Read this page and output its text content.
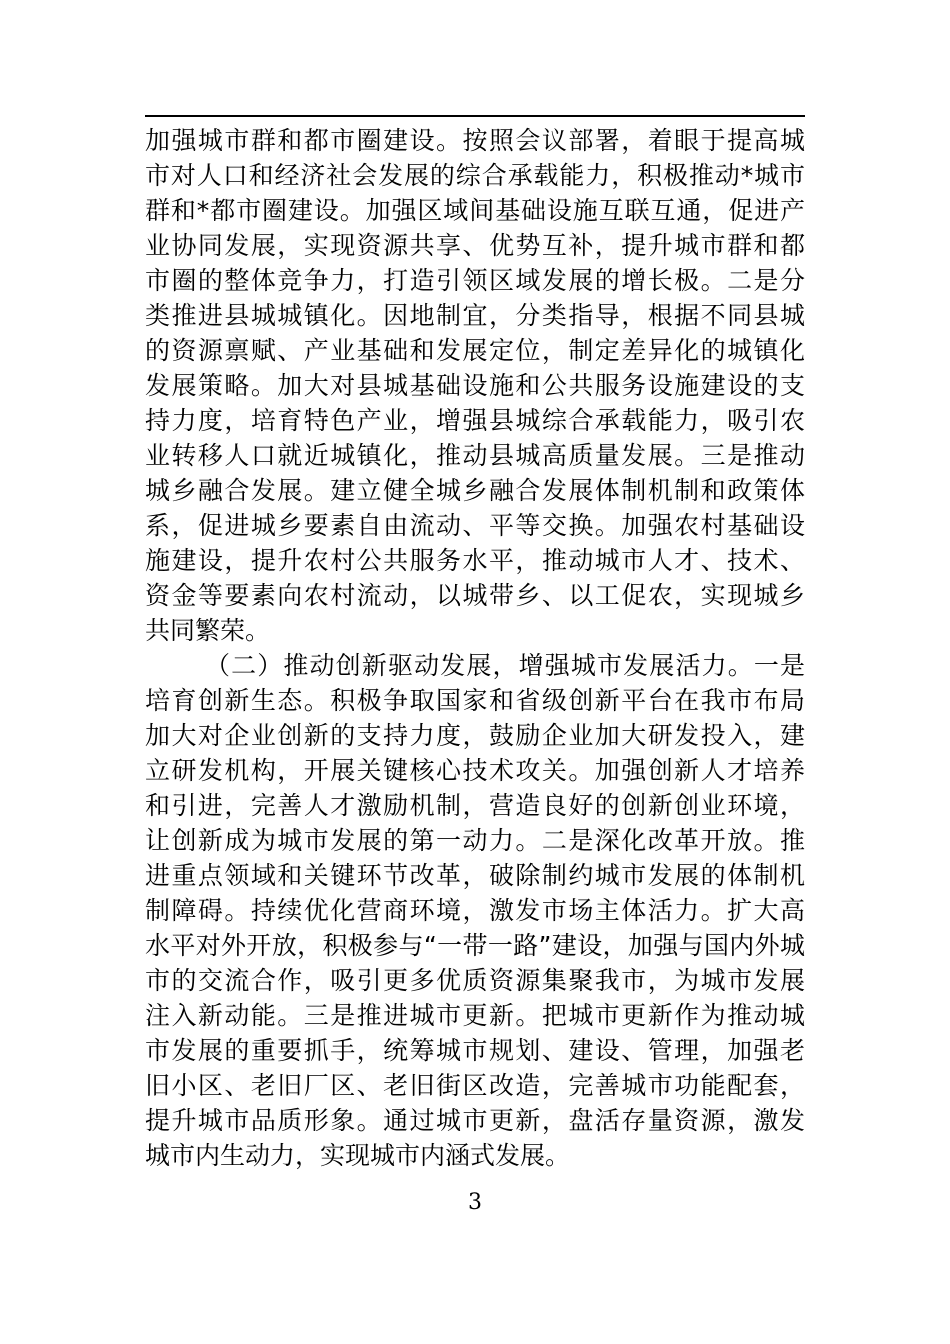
加强城市群和都市圈建设。按照会议部署，着眼于提高城
市对人口和经济社会发展的综合承载能力，积极推动*城市
群和*都市圈建设。加强区域间基础设施互联互通，促进产
业协同发展，实现资源共享、优势互补，提升城市群和都
市圈的整体竞争力，打造引领区域发展的增长极。二是分
类推进县城城镇化。因地制宜，分类指导，根据不同县城
的资源禀赋、产业基础和发展定位，制定差异化的城镇化
发展策略。加大对县城基础设施和公共服务设施建设的支
持力度，培育特色产业，增强县城综合承载能力，吸引农
业转移人口就近城镇化，推动县城高质量发展。三是推动
城乡融合发展。建立健全城乡融合发展体制机制和政策体
系，促进城乡要素自由流动、平等交换。加强农村基础设
施建设，提升农村公共服务水平，推动城市人才、技术、
资金等要素向农村流动，以城带乡、以工促农，实现城乡
共同繁荣。
（二）推动创新驱动发展，增强城市发展活力。一是
培育创新生态。积极争取国家和省级创新平台在我市布局
加大对企业创新的支持力度，鼓励企业加大研发投入，建
立研发机构，开展关键核心技术攻关。加强创新人才培养
和引进，完善人才激励机制，营造良好的创新创业环境，
让创新成为城市发展的第一动力。二是深化改革开放。推
进重点领域和关键环节改革，破除制约城市发展的体制机
制障碍。持续优化营商环境，激发市场主体活力。扩大高
水平对外开放，积极参与“一带一路”建设，加强与国内外城
市的交流合作，吸引更多优质资源集聚我市，为城市发展
注入新动能。三是推进城市更新。把城市更新作为推动城
市发展的重要抓手，统筹城市规划、建设、管理，加强老
旧小区、老旧厂区、老旧街区改造，完善城市功能配套，
提升城市品质形象。通过城市更新，盘活存量资源，激发
城市内生动力，实现城市内涵式发展。
3
